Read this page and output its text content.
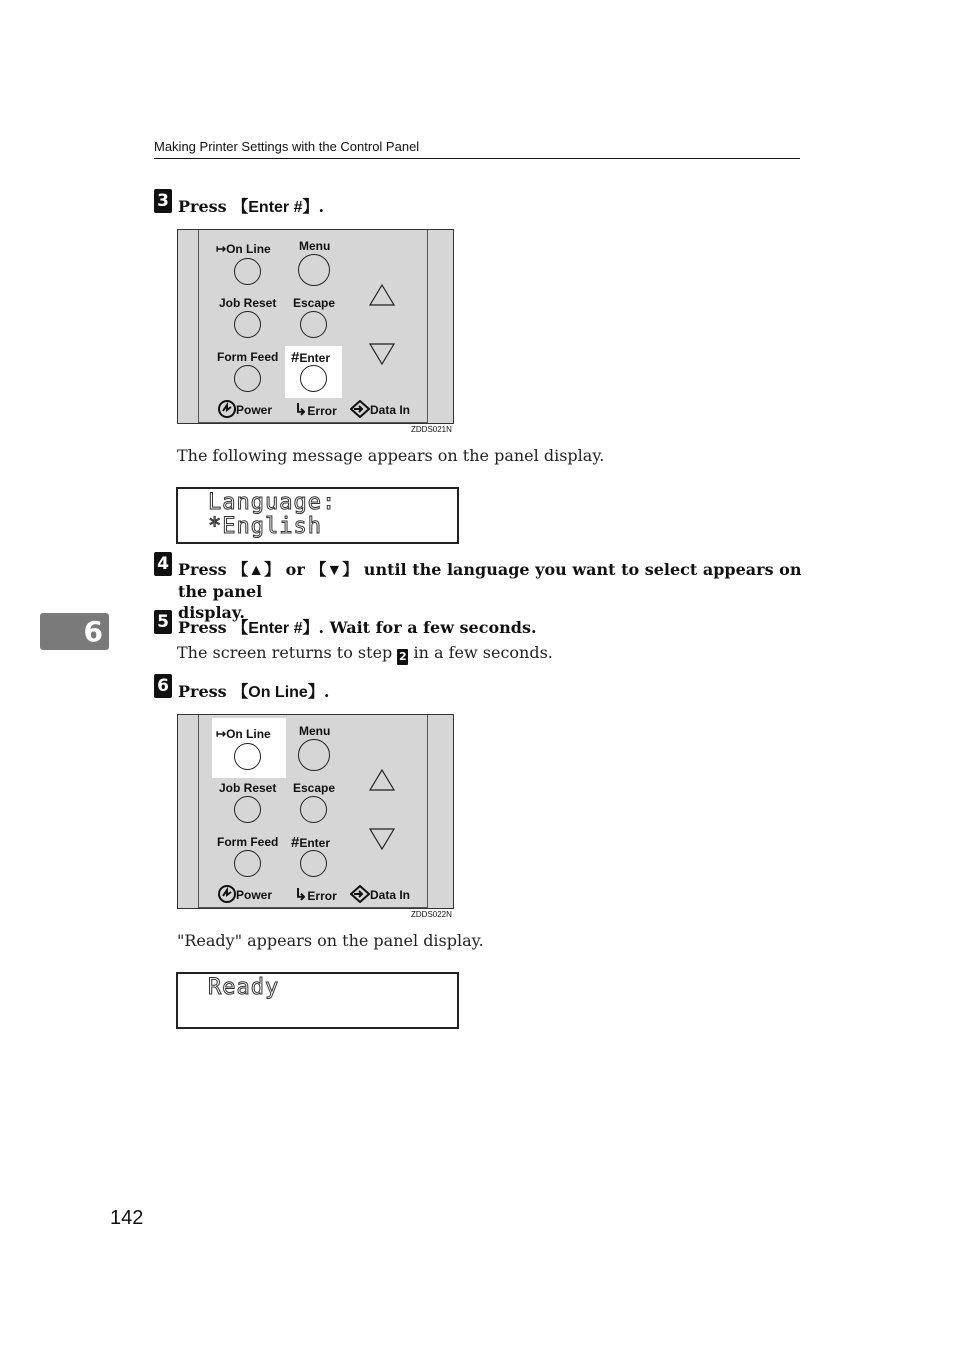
Making Printer Settings with the Control Panel
3 Press 【Enter #】.
↦On Line Menu
Job Reset Escape
Form Feed #Enter
Power ↳Error	Data In
ZDDS021N
The following message appears on the panel display.
Language:
*English
4 Press 【▲】 or 【▼】 until the language you want to select appears on the panel
display.
6	5 Press 【Enter #】. Wait for a few seconds.
The screen returns to step 2 in a few seconds.
6 Press 【On Line】.
↦On Line Menu
Job Reset Escape
Form Feed #Enter
Power ↳Error	Data In
ZDDS022N
"Ready" appears on the panel display.
Ready
142
